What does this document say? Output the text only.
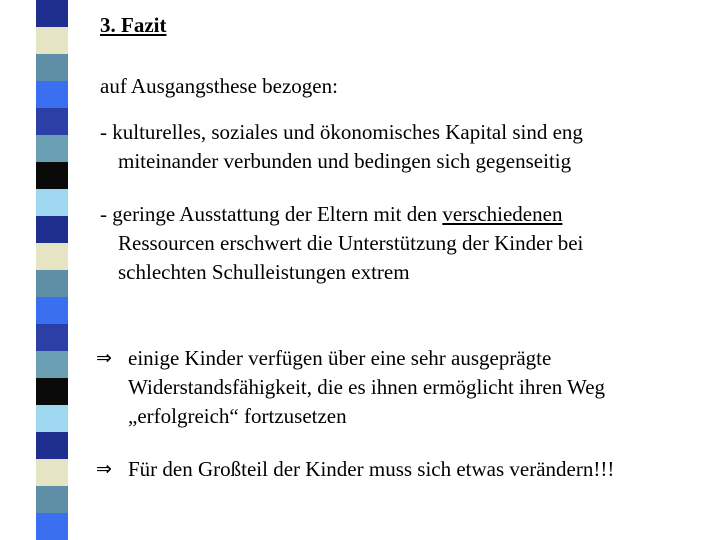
3. Fazit
auf Ausgangsthese bezogen:
- kulturelles, soziales und ökonomisches Kapital sind eng
miteinander verbunden und bedingen sich gegenseitig
- geringe Ausstattung der Eltern mit den verschiedenen
Ressourcen erschwert die Unterstützung der Kinder bei
schlechten Schulleistungen extrem
⇒ einige Kinder verfügen über eine sehr ausgeprägte
Widerstandsfähigkeit, die es ihnen ermöglicht ihren Weg
„erfolgreich“ fortzusetzen
⇒ Für den Großteil der Kinder muss sich etwas verändern!!!
